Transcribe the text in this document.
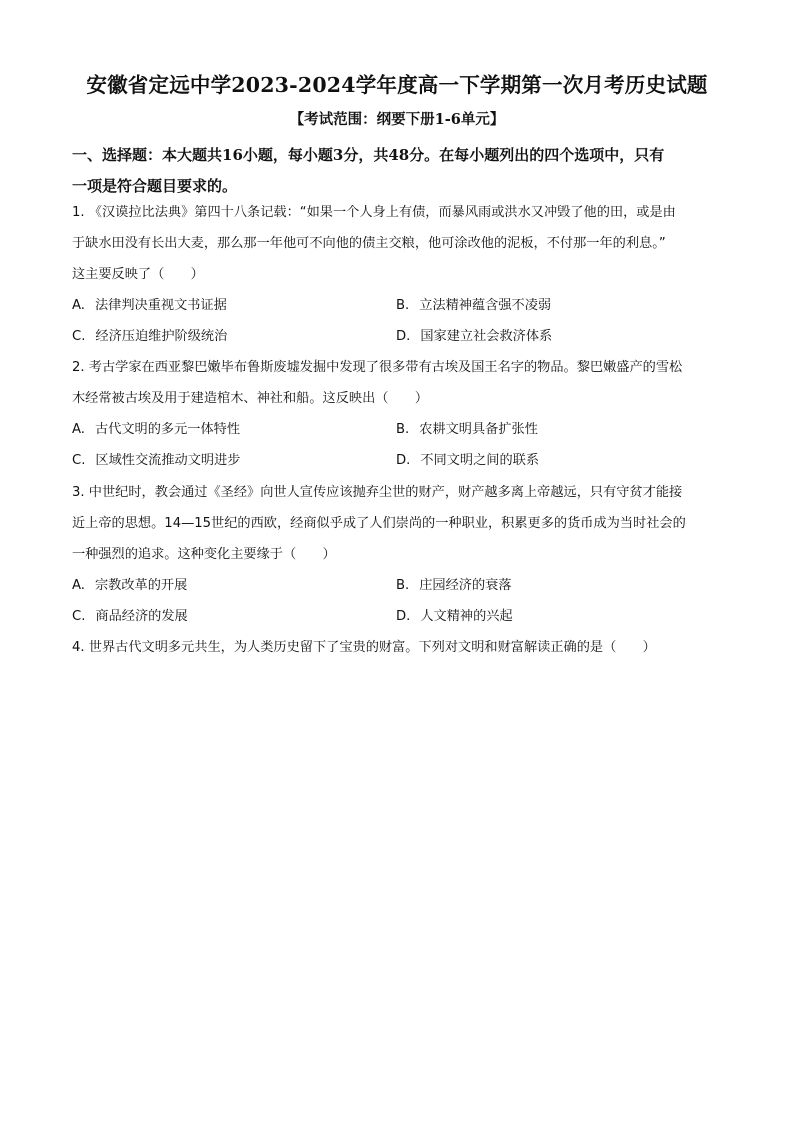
安徽省定远中学2023-2024学年度高一下学期第一次月考历史试题
【考试范围：纲要下册1-6单元】
一、选择题：本大题共16小题，每小题3分，共48分。在每小题列出的四个选项中，只有
一项是符合题目要求的。
1. 《汉谟拉比法典》第四十八条记载：“如果一个人身上有债，而暴风雨或洪水又冲毁了他的田，或是由
于缺水田没有长出大麦，那么那一年他可不向他的债主交粮，他可涂改他的泥板，不付那一年的利息。”
这主要反映了（　　）
A. 法律判决重视文书证据	B. 立法精神蕴含强不凌弱
C. 经济压迫维护阶级统治	D. 国家建立社会救济体系
2. 考古学家在西亚黎巴嫩毕布鲁斯废墟发掘中发现了很多带有古埃及国王名字的物品。黎巴嫩盛产的雪松
木经常被古埃及用于建造棺木、神社和船。这反映出（　　）
A. 古代文明的多元一体特性	B. 农耕文明具备扩张性
C. 区域性交流推动文明进步	D. 不同文明之间的联系
3. 中世纪时，教会通过《圣经》向世人宣传应该抛弃尘世的财产，财产越多离上帝越远，只有守贫才能接
近上帝的思想。14—15世纪的西欧，经商似乎成了人们崇尚的一种职业，积累更多的货币成为当时社会的
一种强烈的追求。这种变化主要缘于（　　）
A. 宗教改革的开展	B. 庄园经济的衰落
C. 商品经济的发展	D. 人文精神的兴起
4. 世界古代文明多元共生，为人类历史留下了宝贵的财富。下列对文明和财富解读正确的是（　　）
